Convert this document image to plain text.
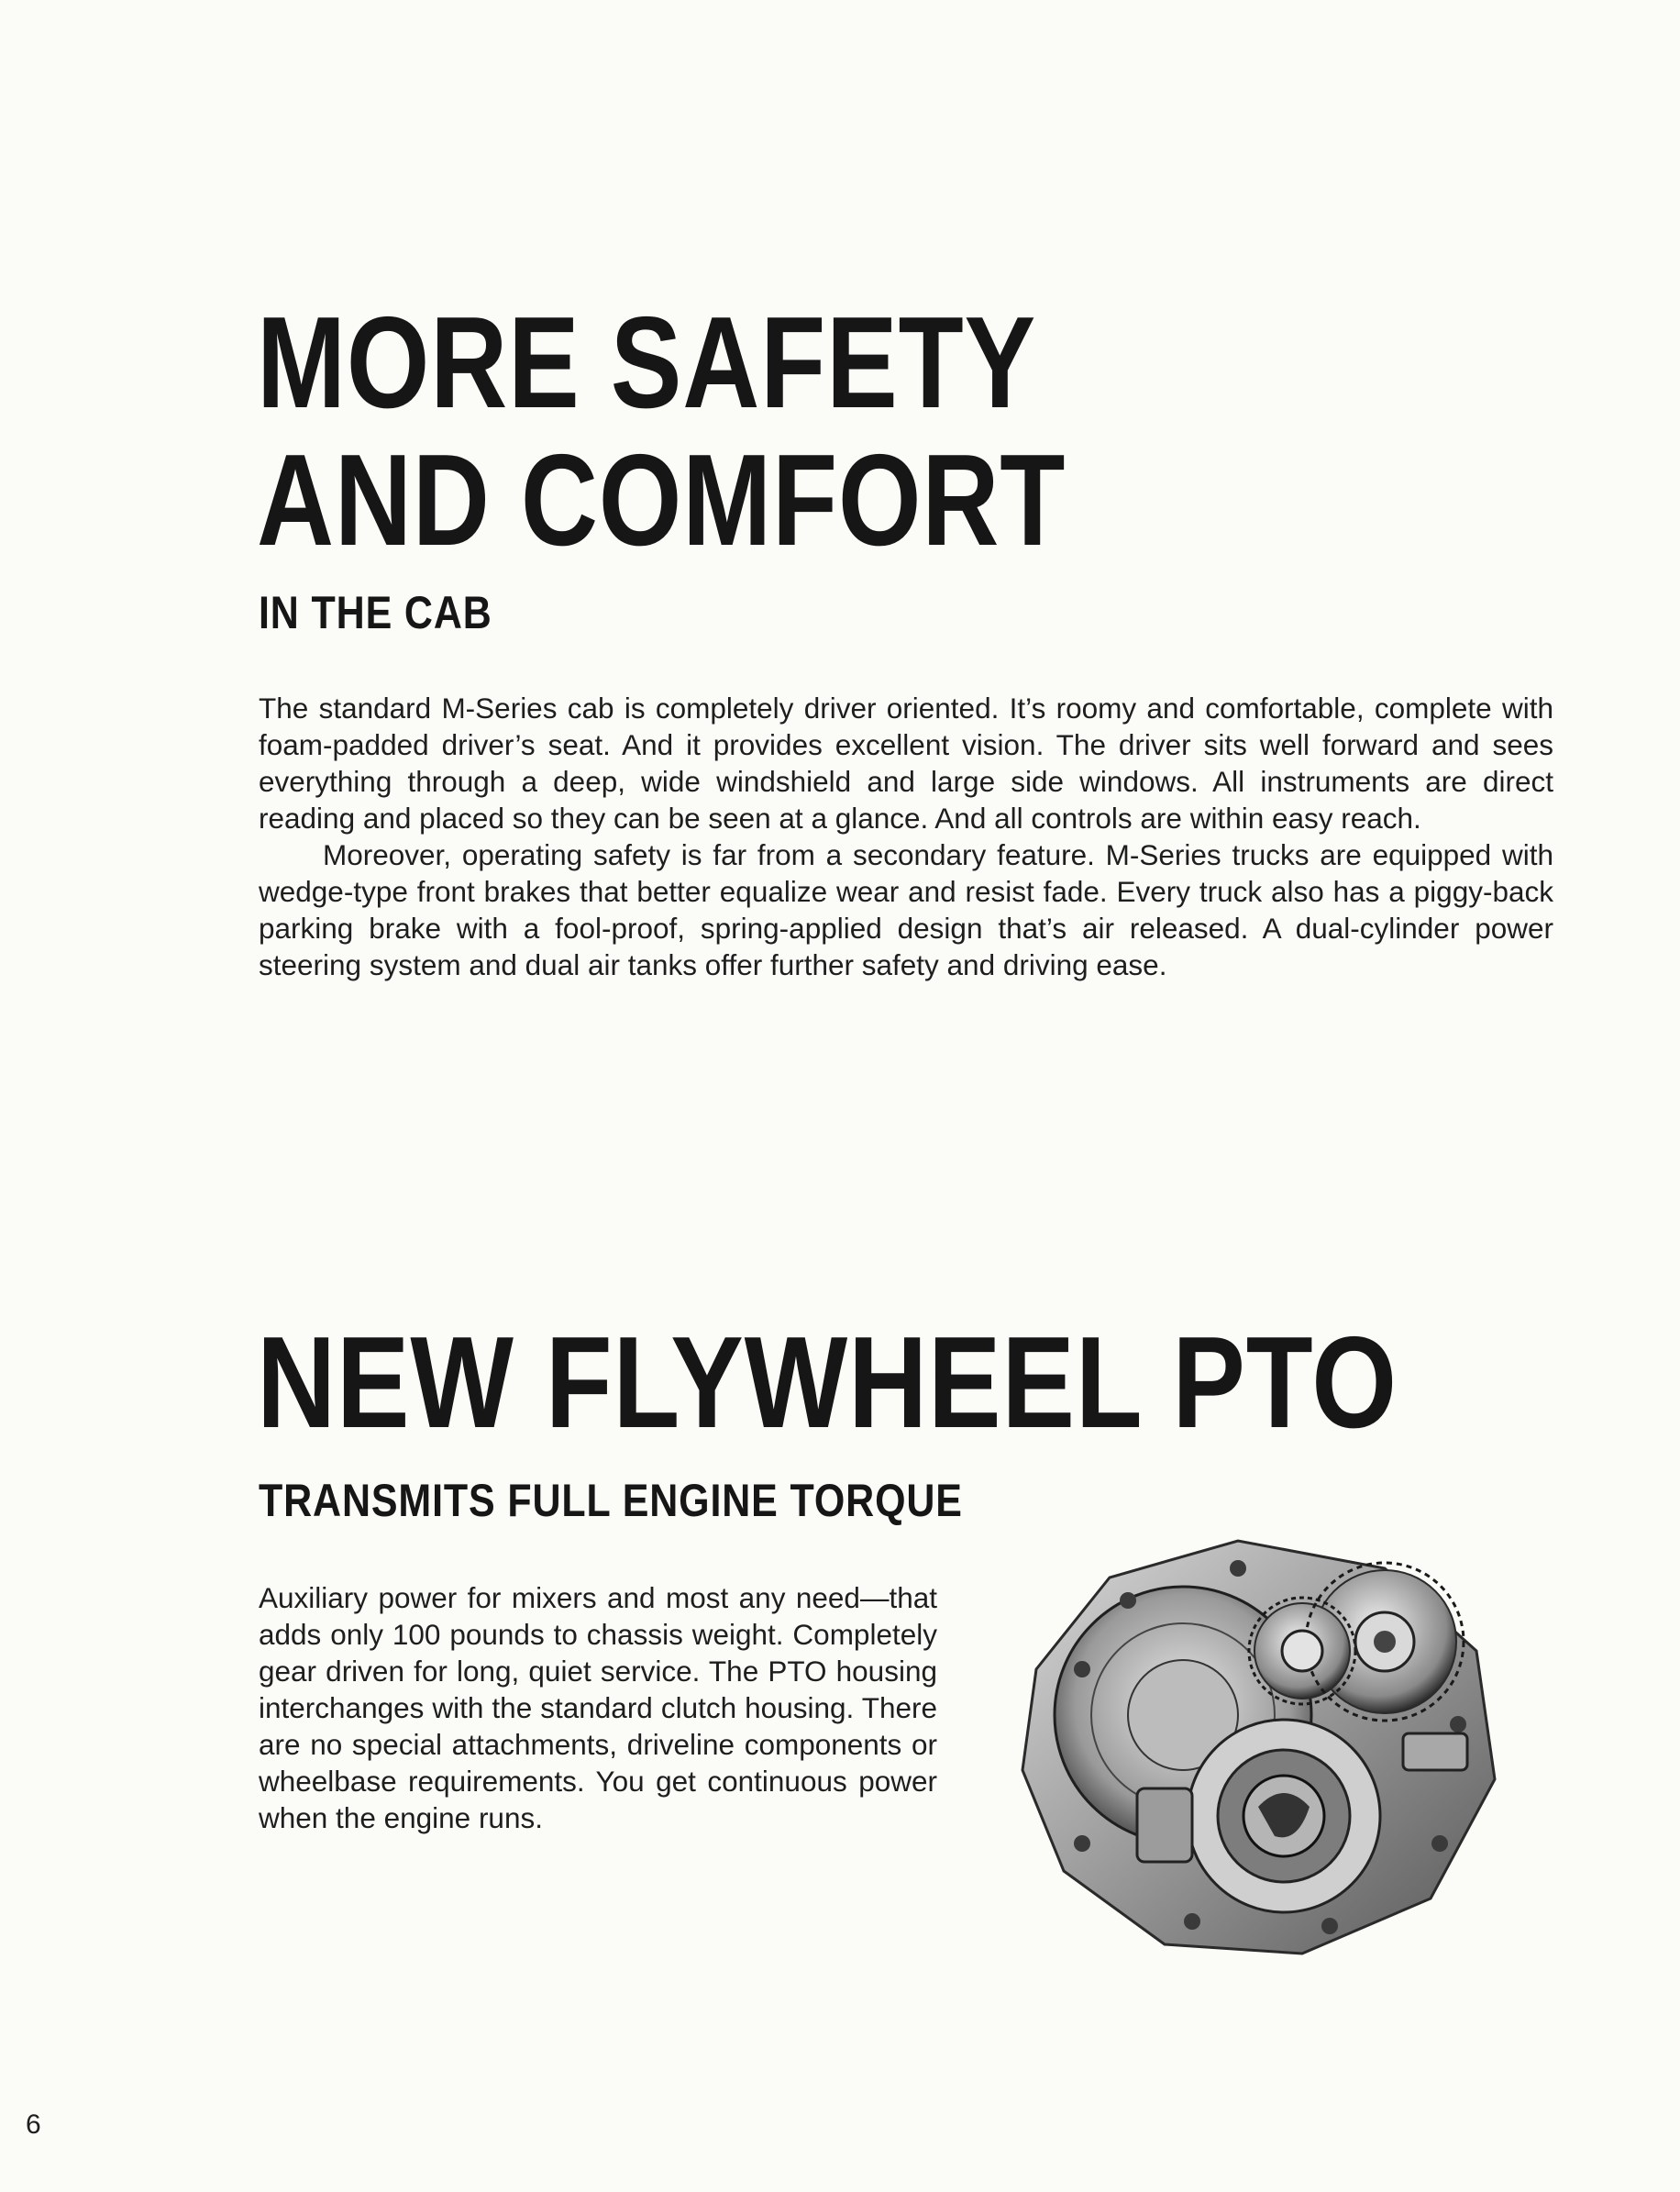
MORE SAFETY
AND COMFORT
IN THE CAB

The standard M-Series cab is completely driver oriented. It’s roomy and comfortable, complete with foam-padded driver’s seat. And it provides excellent vision. The driver sits well forward and sees everything through a deep, wide windshield and large side windows. All instruments are direct reading and placed so they can be seen at a glance. And all controls are within easy reach.

Moreover, operating safety is far from a secondary feature. M-Series trucks are equipped with wedge-type front brakes that better equalize wear and resist fade. Every truck also has a piggy-back parking brake with a fool-proof, spring-applied design that’s air released. A dual-cylinder power steering system and dual air tanks offer further safety and driving ease.

NEW FLYWHEEL PTO
TRANSMITS FULL ENGINE TORQUE

Auxiliary power for mixers and most any need—that adds only 100 pounds to chassis weight. Completely gear driven for long, quiet service. The PTO housing interchanges with the standard clutch housing. There are no special attachments, driveline components or wheelbase requirements. You get continuous power when the engine runs.

6
